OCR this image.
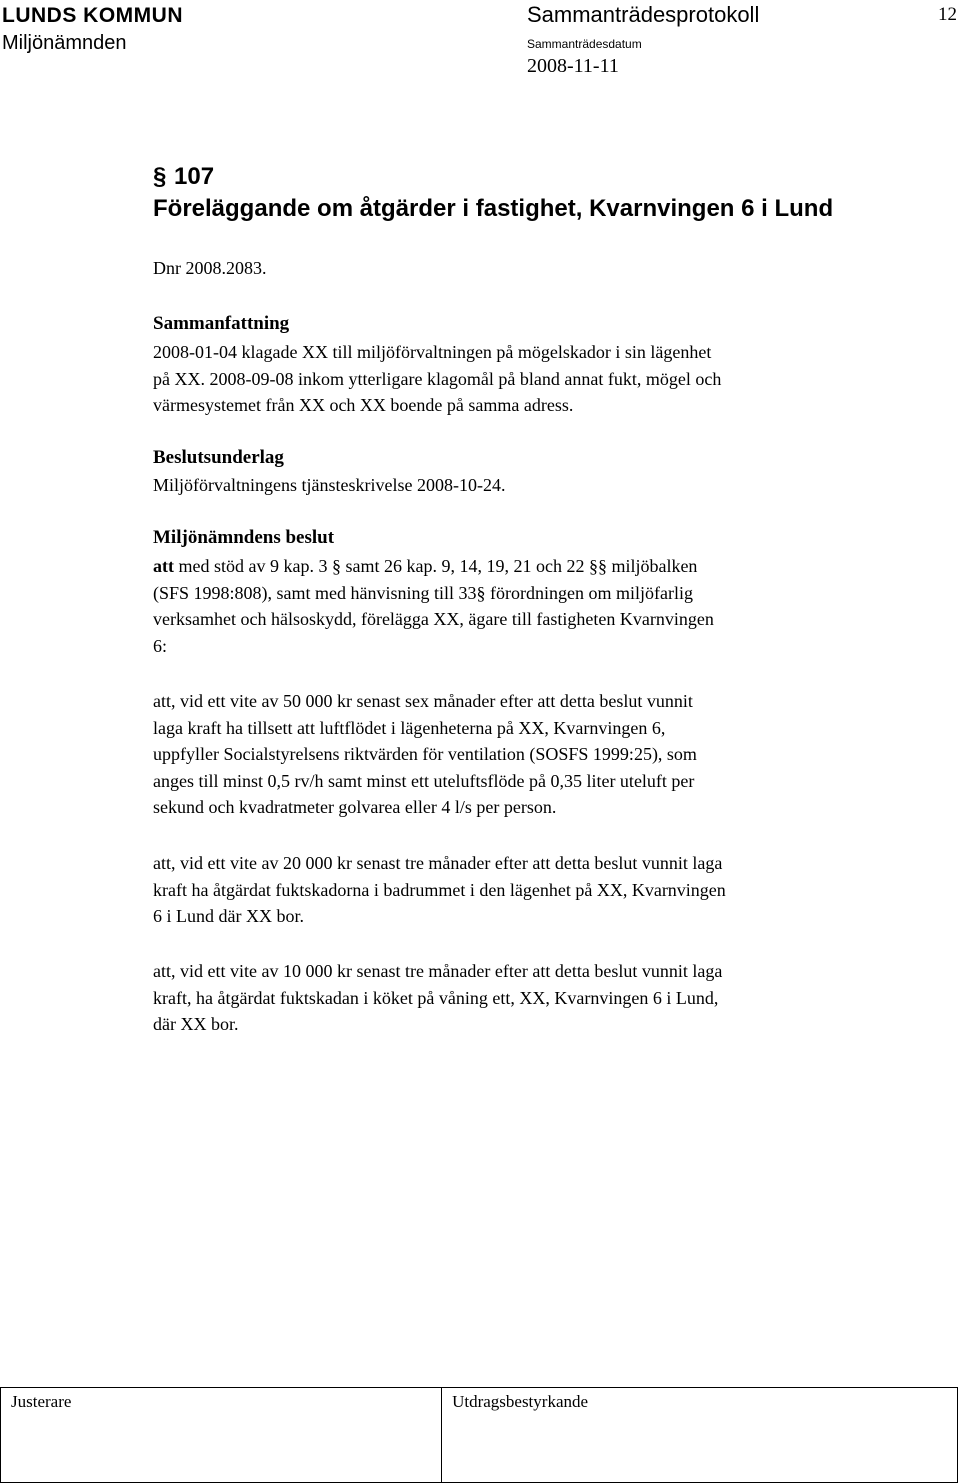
LUNDS KOMMUN
Miljönämnden
Sammanträdesprotokoll	12
Sammanträdesdatum
2008-11-11
§ 107
Föreläggande om åtgärder i fastighet, Kvarnvingen 6 i Lund
Dnr 2008.2083.
Sammanfattning
2008-01-04 klagade XX till miljöförvaltningen på mögelskador i sin lägenhet
på XX. 2008-09-08 inkom ytterligare klagomål på bland annat fukt, mögel och
värmesystemet från XX och XX boende på samma adress.
Beslutsunderlag
Miljöförvaltningens tjänsteskrivelse 2008-10-24.
Miljönämndens beslut
att med stöd av 9 kap. 3 § samt 26 kap. 9, 14, 19, 21 och 22 §§ miljöbalken
(SFS 1998:808), samt med hänvisning till 33§ förordningen om miljöfarlig
verksamhet och hälsoskydd, förelägga XX, ägare till fastigheten Kvarnvingen
6:
att, vid ett vite av 50 000 kr senast sex månader efter att detta beslut vunnit
laga kraft ha tillsett att luftflödet i lägenheterna på XX, Kvarnvingen 6,
uppfyller Socialstyrelsens riktvärden för ventilation (SOSFS 1999:25), som
anges till minst 0,5 rv/h samt minst ett uteluftsflöde på 0,35 liter uteluft per
sekund och kvadratmeter golvarea eller 4 l/s per person.
att, vid ett vite av 20 000 kr senast tre månader efter att detta beslut vunnit laga
kraft ha åtgärdat fuktskadorna i badrummet i den lägenhet på XX, Kvarnvingen
6 i Lund där XX bor.
att, vid ett vite av 10 000 kr senast tre månader efter att detta beslut vunnit laga
kraft, ha åtgärdat fuktskadan i köket på våning ett, XX, Kvarnvingen 6 i Lund,
där XX bor.
Justerare	Utdragsbestyrkande
